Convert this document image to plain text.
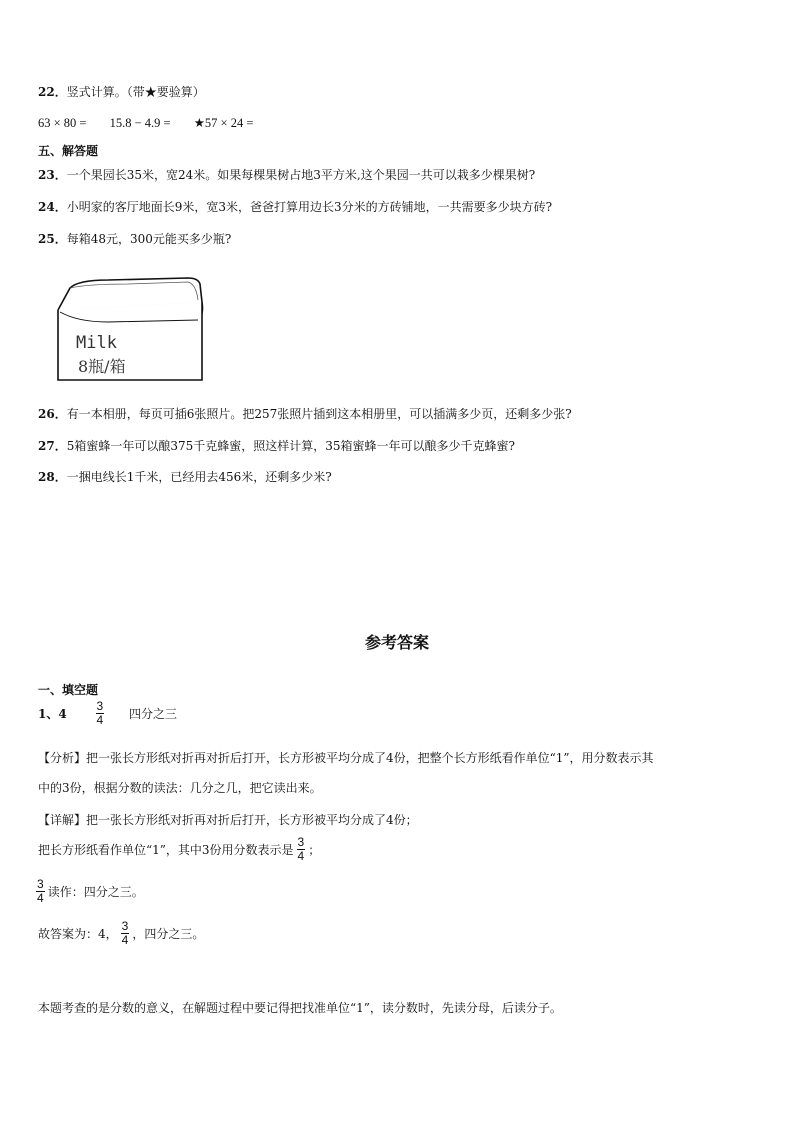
22．竖式计算。（带★要验算）
63 × 80 = 15.8 − 4.9 = ★57 × 24 =
五、解答题
23．一个果园长35米，宽24米。如果每棵果树占地3平方米,这个果园一共可以栽多少棵果树?
24．小明家的客厅地面长9米，宽3米，爸爸打算用边长3分米的方砖铺地，一共需要多少块方砖?
25．每箱48元，300元能买多少瓶?
Milk
8瓶/箱
26．有一本相册，每页可插6张照片。把257张照片插到这本相册里，可以插满多少页，还剩多少张?
27．5箱蜜蜂一年可以酿375千克蜂蜜，照这样计算，35箱蜜蜂一年可以酿多少千克蜂蜜?
28．一捆电线长1千米，已经用去456米，还剩多少米?
参考答案
一、填空题
1、$4 \frac{3}{4}$ 四分之三
【分析】把一张长方形纸对折再对折后打开，长方形被平均分成了4份，把整个长方形纸看作单位“1”，用分数表示其
中的3份，根据分数的读法：几分之几，把它读出来。
【详解】把一张长方形纸对折再对折后打开，长方形被平均分成了4份；
把长方形纸看作单位“1”，其中3份用分数表示是 $\frac{3}{4}$ ；
$\frac{3}{4}$ 读作：四分之三。
故答案为：4， $\frac{3}{4}$ ，四分之三。
本题考查的是分数的意义，在解题过程中要记得把找准单位“1”，读分数时，先读分母，后读分子。
